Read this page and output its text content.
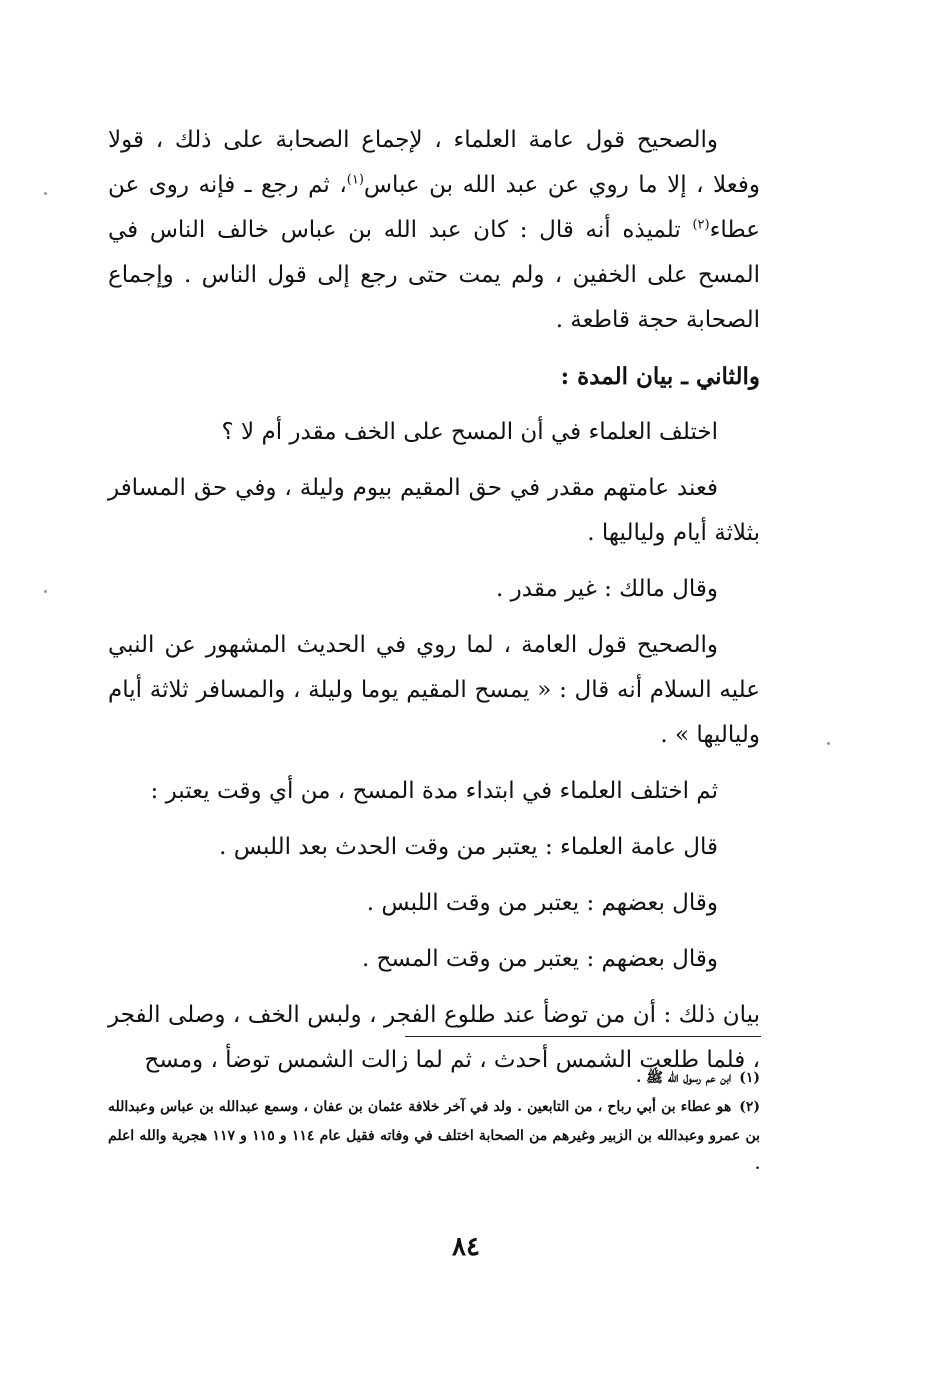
والصحيح قول عامة العلماء ، لإجماع الصحابة على ذلك ، قولا وفعلا ، إلا ما روي عن عبد الله بن عباس$^{(١)}$، ثم رجع ـ فإنه روى عن عطاء$^{(٢)}$ تلميذه أنه قال : كان عبد الله بن عباس خالف الناس في المسح على الخفين ، ولم يمت حتى رجع إلى قول الناس . وإجماع الصحابة حجة قاطعة .

والثاني ـ بيان المدة :

اختلف العلماء في أن المسح على الخف مقدر أم لا ؟

فعند عامتهم مقدر في حق المقيم بيوم وليلة ، وفي حق المسافر بثلاثة أيام ولياليها .

وقال مالك : غير مقدر .

والصحيح قول العامة ، لما روي في الحديث المشهور عن النبي عليه السلام أنه قال : « يمسح المقيم يوما وليلة ، والمسافر ثلاثة أيام ولياليها » .

ثم اختلف العلماء في ابتداء مدة المسح ، من أي وقت يعتبر :

قال عامة العلماء : يعتبر من وقت الحدث بعد اللبس .

وقال بعضهم : يعتبر من وقت اللبس .

وقال بعضهم : يعتبر من وقت المسح .

بيان ذلك : أن من توضأ عند طلوع الفجر ، ولبس الخف ، وصلى الفجر ، فلما طلعت الشمس أحدث ، ثم لما زالت الشمس توضأ ، ومسح

(١)ابن عم رسول الله ﷺ .

(٢)هو عطاء بن أبي رباح ، من التابعين . ولد في آخر خلافة عثمان بن عفان ، وسمع عبدالله بن عباس وعبدالله بن عمرو وعبدالله بن الزبير وغيرهم من الصحابة اختلف في وفاته فقيل عام ١١٤ و ١١٥ و ١١٧ هجرية والله اعلم .

٨٤
